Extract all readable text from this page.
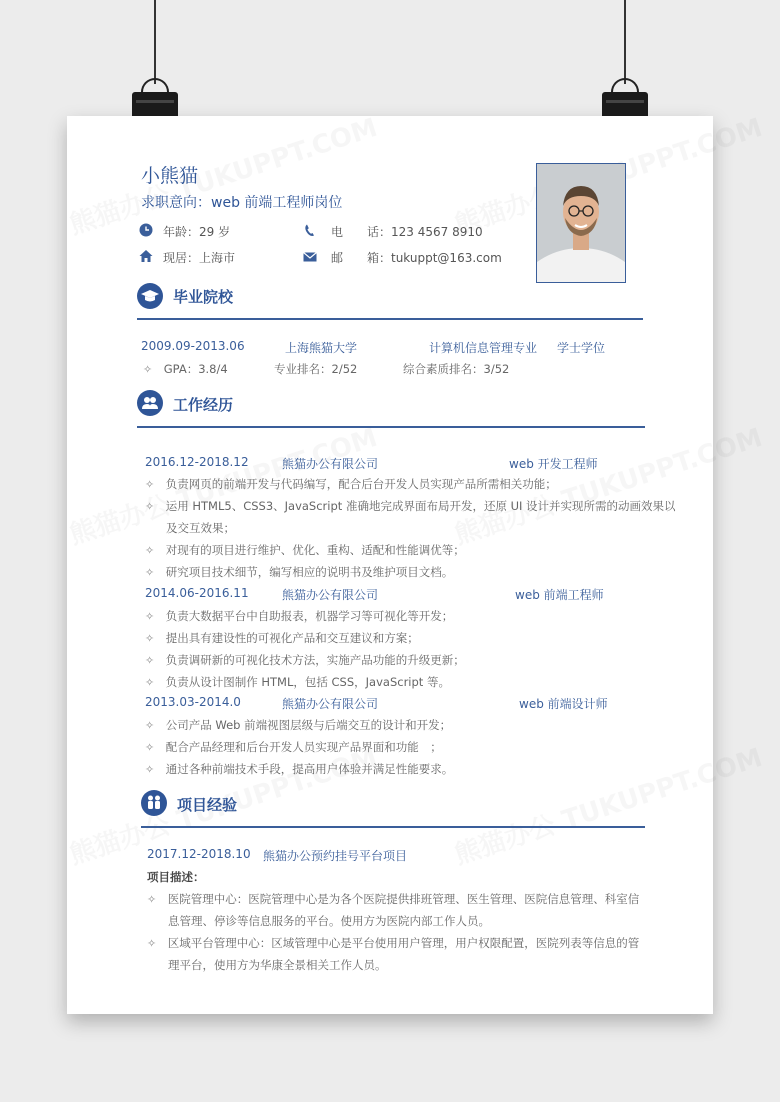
小熊猫
求职意向：web 前端工程师岗位
年龄：29 岁
现居：上海市
电　　话：123 4567 8910
邮　　箱：tukuppt@163.com
毕业院校
2009.09-2013.06	上海熊猫大学	计算机信息管理专业 学士学位
✧　 GPA：3.8/4	专业排名：2/52	综合素质排名：3/52
工作经历
2016.12-2018.12	熊猫办公有限公司	web 开发工程师
✧　 负责网页的前端开发与代码编写，配合后台开发人员实现产品所需相关功能；
✧　 运用 HTML5、CSS3、JavaScript 准确地完成界面布局开发，还原 UI 设计并实现所需的动画效果以
及交互效果；
✧　 对现有的项目进行维护、优化、重构、适配和性能调优等；
✧　 研究项目技术细节，编写相应的说明书及维护项目文档。
2014.06-2016.11	熊猫办公有限公司	web 前端工程师
✧　 负责大数据平台中自助报表，机器学习等可视化等开发；
✧　 提出具有建设性的可视化产品和交互建议和方案；
✧　 负责调研新的可视化技术方法，实施产品功能的升级更新；
✧　 负责从设计图制作 HTML，包括 CSS，JavaScript 等。
2013.03-2014.0	熊猫办公有限公司	web 前端设计师
✧　 公司产品 Web 前端视图层级与后端交互的设计和开发；
✧　 配合产品经理和后台开发人员实现产品界面和功能　；
✧　 通过各种前端技术手段，提高用户体验并满足性能要求。
项目经验
2017.12-2018.10 熊猫办公预约挂号平台项目
项目描述：
✧　 医院管理中心：医院管理中心是为各个医院提供排班管理、医生管理、医院信息管理、科室信
息管理、停诊等信息服务的平台。使用方为医院内部工作人员。
✧　 区域平台管理中心：区域管理中心是平台使用用户管理，用户权限配置，医院列表等信息的管
理平台，使用方为华康全景相关工作人员。
